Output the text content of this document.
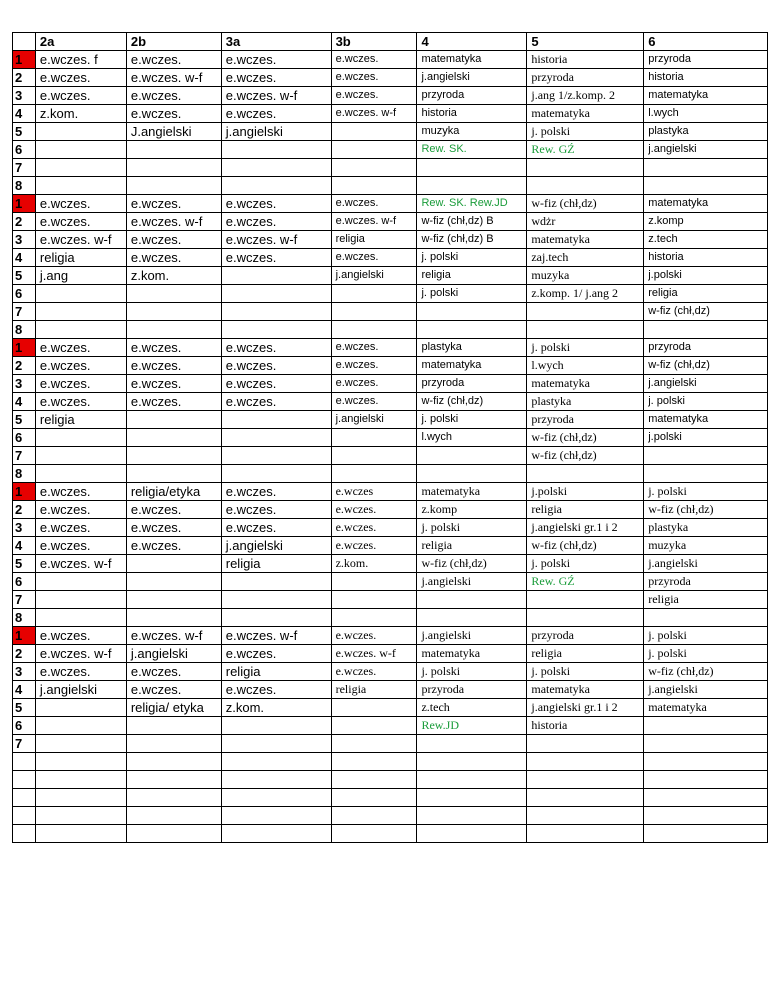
	2a	2b	3a	3b	4	5	6
1	e.wczes. f	e.wczes.	e.wczes.	e.wczes.	matematyka	historia	przyroda
2	e.wczes.	e.wczes. w-f	e.wczes.	e.wczes.	j.angielski	przyroda	historia
3	e.wczes.	e.wczes.	e.wczes. w-f	e.wczes.	przyroda	j.ang 1/z.komp. 2	matematyka
4	z.kom.	e.wczes.	e.wczes.	e.wczes. w-f	historia	matematyka	l.wych
5		J.angielski	j.angielski		muzyka	j. polski	plastyka
6					Rew. SK.	Rew. GŹ	j.angielski
7							
8							
1	e.wczes.	e.wczes.	e.wczes.	e.wczes.	Rew. SK. Rew.JD	w-fiz (chł,dz)	matematyka
2	e.wczes.	e.wczes. w-f	e.wczes.	e.wczes. w-f	w-fiz (chł,dz) B	wdżr	z.komp
3	e.wczes. w-f	e.wczes.	e.wczes. w-f	religia	w-fiz (chł,dz) B	matematyka	z.tech
4	religia	e.wczes.	e.wczes.	e.wczes.	j. polski	zaj.tech	historia
5	j.ang	z.kom.		j.angielski	religia	muzyka	j.polski
6					j. polski	z.komp. 1/ j.ang 2	religia
7							w-fiz (chł,dz)
8							
1	e.wczes.	e.wczes.	e.wczes.	e.wczes.	plastyka	j. polski	przyroda
2	e.wczes.	e.wczes.	e.wczes.	e.wczes.	matematyka	l.wych	w-fiz (chł,dz)
3	e.wczes.	e.wczes.	e.wczes.	e.wczes.	przyroda	matematyka	j.angielski
4	e.wczes.	e.wczes.	e.wczes.	e.wczes.	w-fiz (chł,dz)	plastyka	j. polski
5	religia			j.angielski	j. polski	przyroda	matematyka
6					l.wych	w-fiz (chł,dz)	j.polski
7						w-fiz (chł,dz)	
8							
1	e.wczes.	religia/etyka	e.wczes.	e.wczes	matematyka	j.polski	j. polski
2	e.wczes.	e.wczes.	e.wczes.	e.wczes.	z.komp	religia	w-fiz (chł,dz)
3	e.wczes.	e.wczes.	e.wczes.	e.wczes.	j. polski	j.angielski gr.1 i 2	plastyka
4	e.wczes.	e.wczes.	j.angielski	e.wczes.	religia	w-fiz (chł,dz)	muzyka
5	e.wczes. w-f		religia	z.kom.	w-fiz (chł,dz)	j. polski	j.angielski
6					j.angielski	Rew. GŹ	przyroda
7							religia
8							
1	e.wczes.	e.wczes. w-f	e.wczes. w-f	e.wczes.	j.angielski	przyroda	j. polski
2	e.wczes. w-f	j.angielski	e.wczes.	e.wczes. w-f	matematyka	religia	j. polski
3	e.wczes.	e.wczes.	religia	e.wczes.	j. polski	j. polski	w-fiz (chł,dz)
4	j.angielski	e.wczes.	e.wczes.	religia	przyroda	matematyka	j.angielski
5		religia/ etyka	z.kom.		z.tech	j.angielski gr.1 i 2	matematyka
6					Rew.JD	historia	
7							
